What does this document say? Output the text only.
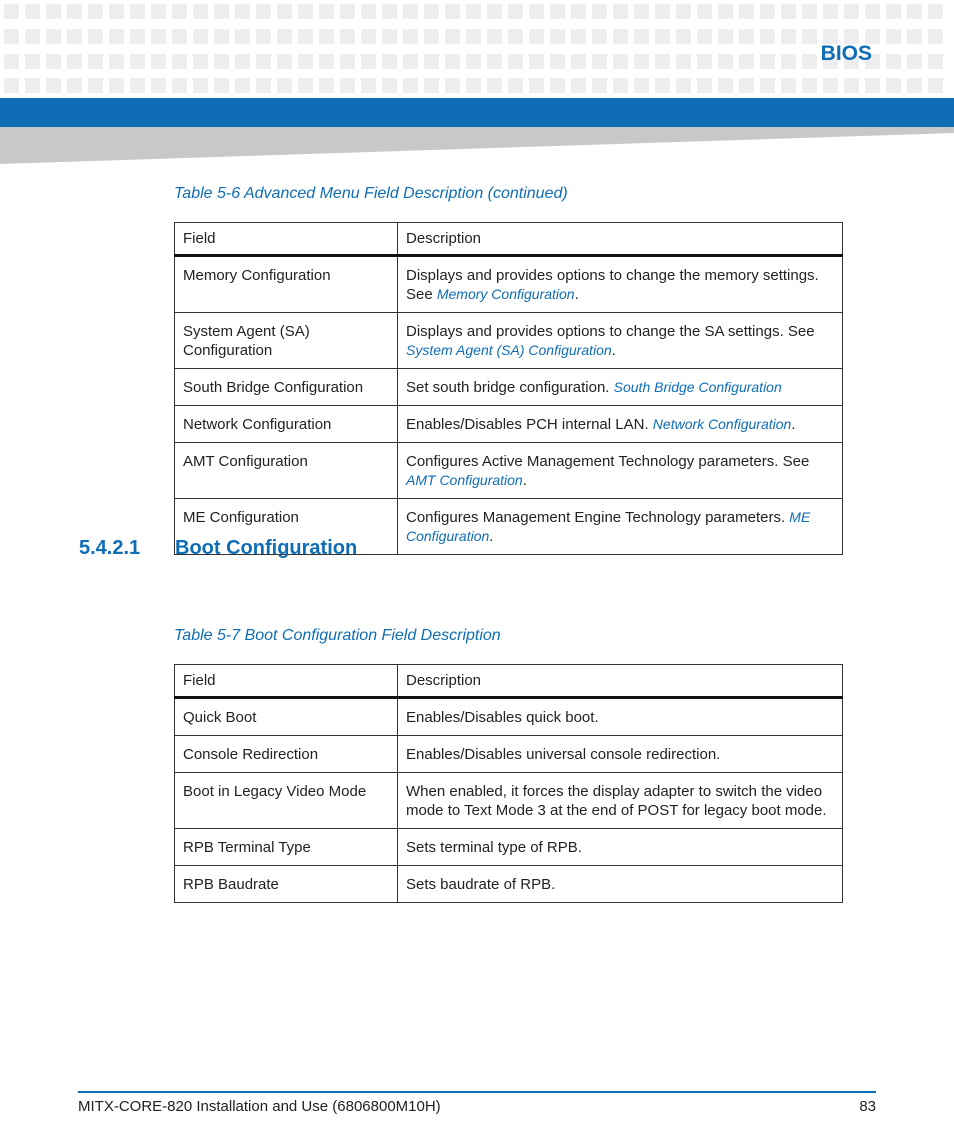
BIOS
Table 5-6 Advanced Menu Field Description (continued)
Field	Description
Memory Configuration	Displays and provides options to change the memory settings. See Memory Configuration.
System Agent (SA) Configuration	Displays and provides options to change the SA settings. See System Agent (SA) Configuration.
South Bridge Configuration	Set south bridge configuration. South Bridge Configuration
Network Configuration	Enables/Disables PCH internal LAN. Network Configuration.
AMT Configuration	Configures Active Management Technology parameters. See AMT Configuration.
ME Configuration	Configures Management Engine Technology parameters. ME Configuration.
5.4.2.1 Boot Configuration
Table 5-7 Boot Configuration Field Description
Field	Description
Quick Boot	Enables/Disables quick boot.
Console Redirection	Enables/Disables universal console redirection.
Boot in Legacy Video Mode	When enabled, it forces the display adapter to switch the video mode to Text Mode 3 at the end of POST for legacy boot mode.
RPB Terminal Type	Sets terminal type of RPB.
RPB Baudrate	Sets baudrate of RPB.
MITX-CORE-820 Installation and Use (6806800M10H)	83
